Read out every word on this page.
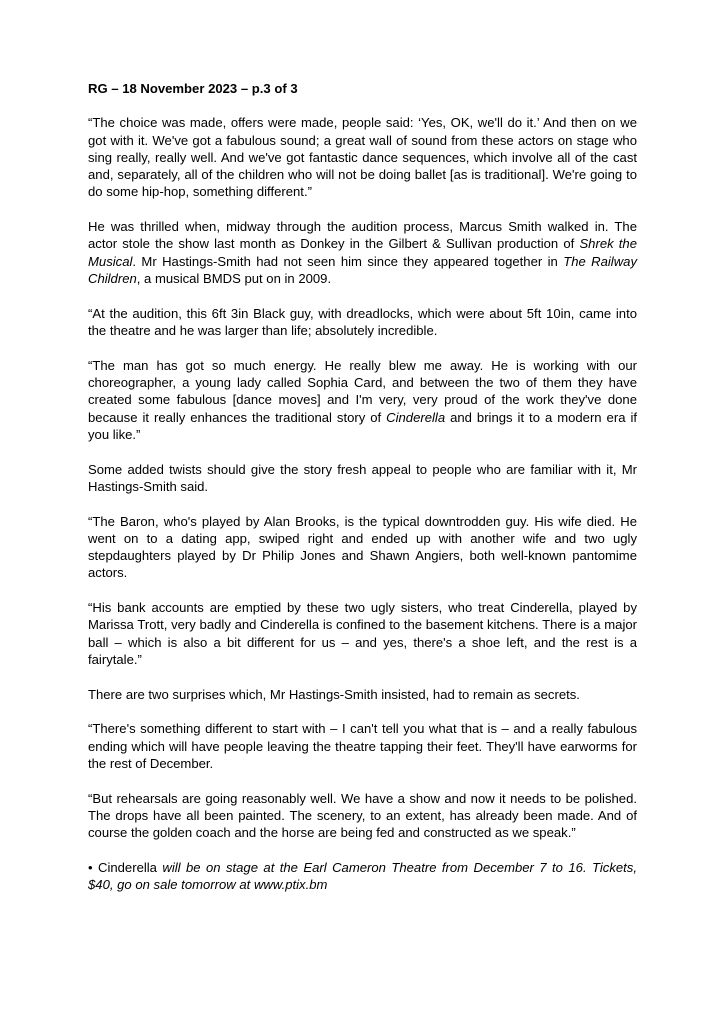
RG – 18 November 2023 – p.3 of 3

“The choice was made, offers were made, people said: ‘Yes, OK, we'll do it.’ And then on we got with it. We've got a fabulous sound; a great wall of sound from these actors on stage who sing really, really well. And we've got fantastic dance sequences, which involve all of the cast and, separately, all of the children who will not be doing ballet [as is traditional]. We're going to do some hip-hop, something different.”

He was thrilled when, midway through the audition process, Marcus Smith walked in. The actor stole the show last month as Donkey in the Gilbert & Sullivan production of Shrek the Musical. Mr Hastings-Smith had not seen him since they appeared together in The Railway Children, a musical BMDS put on in 2009.

“At the audition, this 6ft 3in Black guy, with dreadlocks, which were about 5ft 10in, came into the theatre and he was larger than life; absolutely incredible.

“The man has got so much energy. He really blew me away. He is working with our choreographer, a young lady called Sophia Card, and between the two of them they have created some fabulous [dance moves] and I'm very, very proud of the work they've done because it really enhances the traditional story of Cinderella and brings it to a modern era if you like.”

Some added twists should give the story fresh appeal to people who are familiar with it, Mr Hastings-Smith said.

“The Baron, who's played by Alan Brooks, is the typical downtrodden guy. His wife died. He went on to a dating app, swiped right and ended up with another wife and two ugly stepdaughters played by Dr Philip Jones and Shawn Angiers, both well-known pantomime actors.

“His bank accounts are emptied by these two ugly sisters, who treat Cinderella, played by Marissa Trott, very badly and Cinderella is confined to the basement kitchens. There is a major ball – which is also a bit different for us – and yes, there's a shoe left, and the rest is a fairytale.”

There are two surprises which, Mr Hastings-Smith insisted, had to remain as secrets.

“There's something different to start with – I can't tell you what that is – and a really fabulous ending which will have people leaving the theatre tapping their feet. They'll have earworms for the rest of December.

“But rehearsals are going reasonably well. We have a show and now it needs to be polished. The drops have all been painted. The scenery, to an extent, has already been made. And of course the golden coach and the horse are being fed and constructed as we speak.”

• Cinderella will be on stage at the Earl Cameron Theatre from December 7 to 16. Tickets, $40, go on sale tomorrow at www.ptix.bm
